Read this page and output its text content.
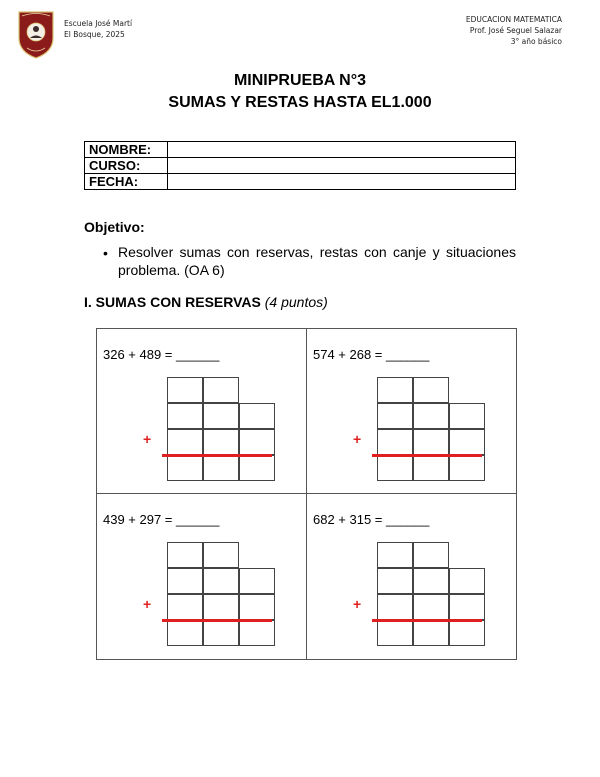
Escuela José Martí
El Bosque, 2025
EDUCACION MATEMATICA
Prof. José Seguel Salazar
3° año básico
MINIPRUEBA N°3
SUMAS Y RESTAS HASTA EL1.000
NOMBRE:	
CURSO:	
FECHA:	
Objetivo:
• Resolver sumas con reservas, restas con canje y situaciones problema. (OA 6)
I. SUMAS CON RESERVAS (4 puntos)
326 + 489 = ______
+
574 + 268 = ______
+
439 + 297 = ______
+
682 + 315 = ______
+
